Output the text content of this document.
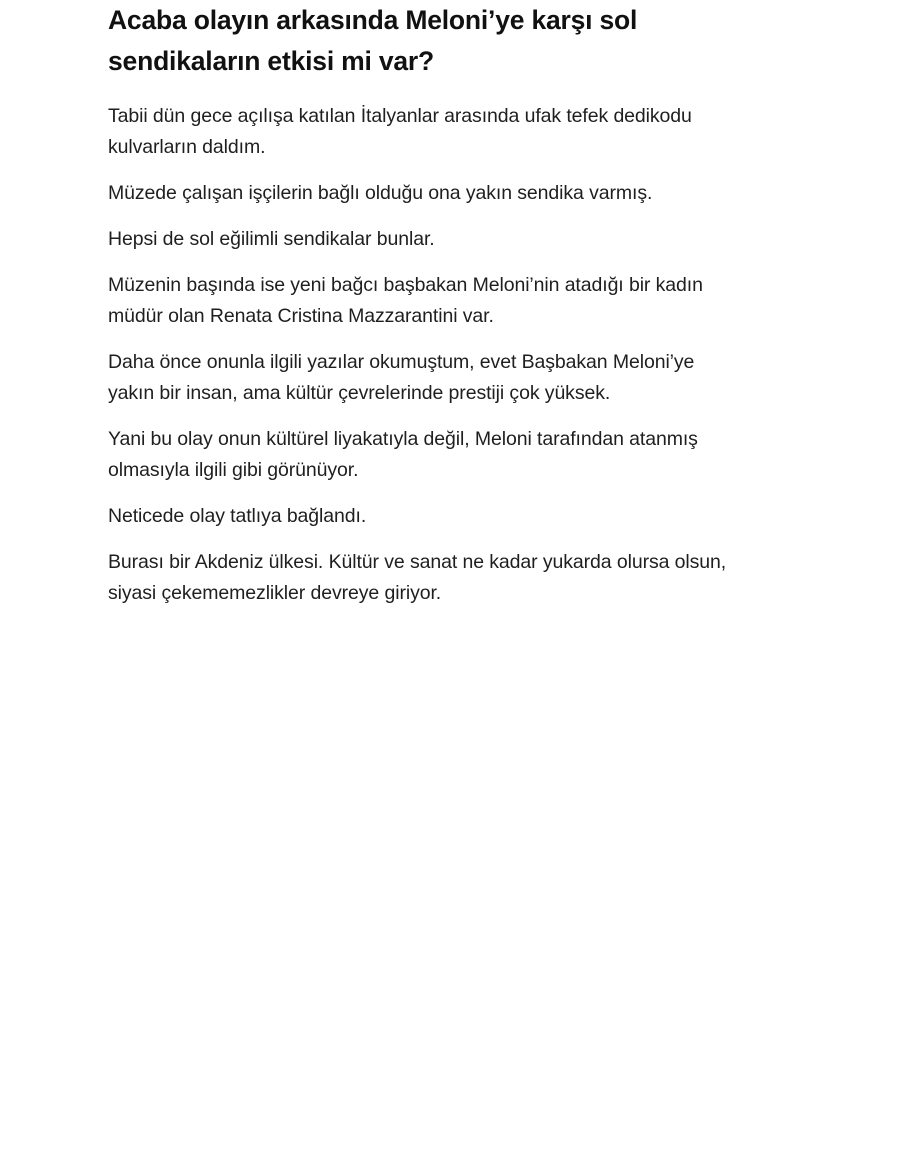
Acaba olayın arkasında Meloni’ye karşı sol sendikaların etkisi mi var?

Tabii dün gece açılışa katılan İtalyanlar arasında ufak tefek dedikodu kulvarların daldım.

Müzede çalışan işçilerin bağlı olduğu ona yakın sendika varmış.

Hepsi de sol eğilimli sendikalar bunlar.

Müzenin başında ise yeni bağcı başbakan Meloni’nin atadığı bir kadın müdür olan Renata Cristina Mazzarantini var.

Daha önce onunla ilgili yazılar okumuştum, evet Başbakan Meloni’ye yakın bir insan, ama kültür çevrelerinde prestiji çok yüksek.

Yani bu olay onun kültürel liyakatıyla değil, Meloni tarafından atanmış olmasıyla ilgili gibi görünüyor.

Neticede olay tatlıya bağlandı.

Burası bir Akdeniz ülkesi. Kültür ve sanat ne kadar yukarda olursa olsun, siyasi çekememezlikler devreye giriyor.
